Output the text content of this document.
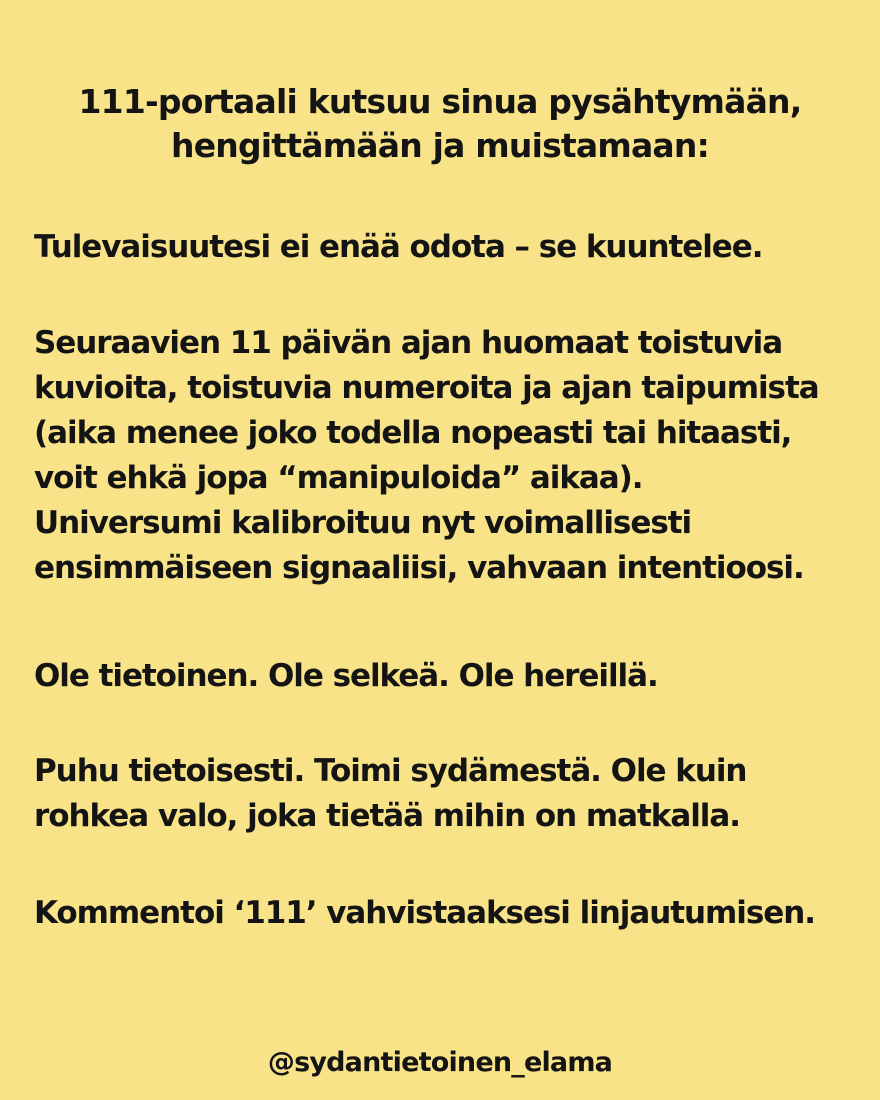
111-portaali kutsuu sinua pysähtymään,
hengittämään ja muistamaan:

Tulevaisuutesi ei enää odota – se kuuntelee.

Seuraavien 11 päivän ajan huomaat toistuvia
kuvioita, toistuvia numeroita ja ajan taipumista
(aika menee joko todella nopeasti tai hitaasti,
voit ehkä jopa “manipuloida” aikaa).
Universumi kalibroituu nyt voimallisesti
ensimmäiseen signaaliisi, vahvaan intentioosi.

Ole tietoinen. Ole selkeä. Ole hereillä.

Puhu tietoisesti. Toimi sydämestä. Ole kuin
rohkea valo, joka tietää mihin on matkalla.

Kommentoi ‘111’ vahvistaaksesi linjautumisen.

@sydantietoinen_elama
